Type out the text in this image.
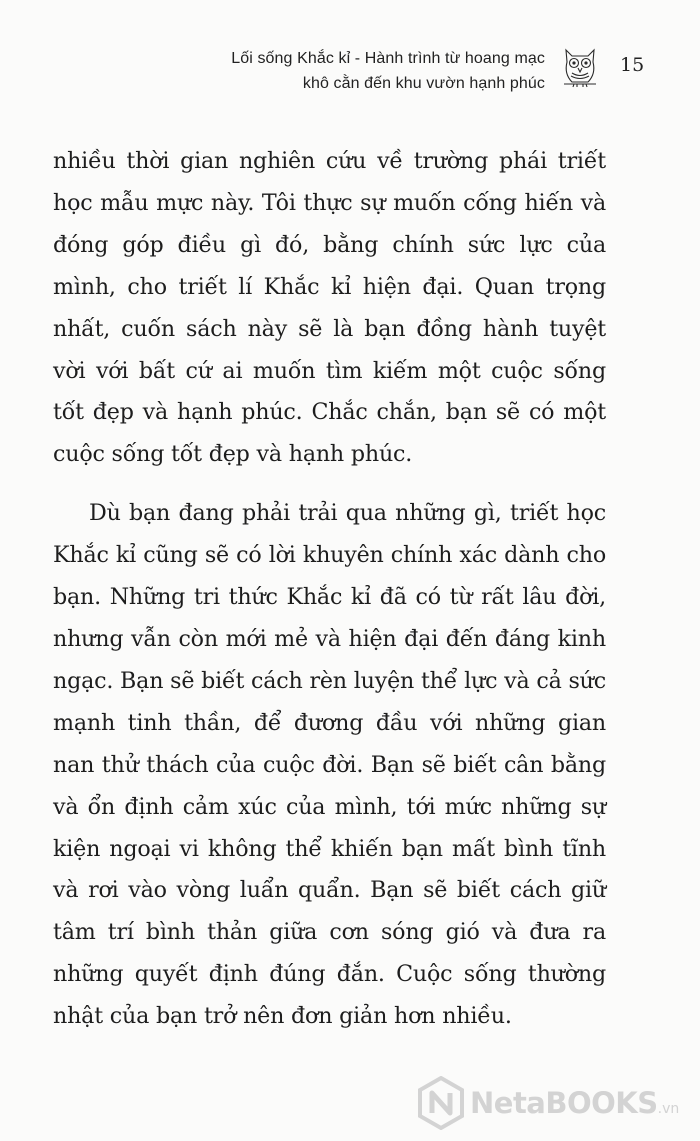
Lối sống Khắc kỉ - Hành trình từ hoang mạc
khô cằn đến khu vườn hạnh phúc
15

nhiều thời gian nghiên cứu về trường phái triết học mẫu mực này. Tôi thực sự muốn cống hiến và đóng góp điều gì đó, bằng chính sức lực của mình, cho triết lí Khắc kỉ hiện đại. Quan trọng nhất, cuốn sách này sẽ là bạn đồng hành tuyệt vời với bất cứ ai muốn tìm kiếm một cuộc sống tốt đẹp và hạnh phúc. Chắc chắn, bạn sẽ có một cuộc sống tốt đẹp và hạnh phúc.

Dù bạn đang phải trải qua những gì, triết học Khắc kỉ cũng sẽ có lời khuyên chính xác dành cho bạn. Những tri thức Khắc kỉ đã có từ rất lâu đời, nhưng vẫn còn mới mẻ và hiện đại đến đáng kinh ngạc. Bạn sẽ biết cách rèn luyện thể lực và cả sức mạnh tinh thần, để đương đầu với những gian nan thử thách của cuộc đời. Bạn sẽ biết cân bằng và ổn định cảm xúc của mình, tới mức những sự kiện ngoại vi không thể khiến bạn mất bình tĩnh và rơi vào vòng luẩn quẩn. Bạn sẽ biết cách giữ tâm trí bình thản giữa cơn sóng gió và đưa ra những quyết định đúng đắn. Cuộc sống thường nhật của bạn trở nên đơn giản hơn nhiều.

NetaBOOKS.vn
